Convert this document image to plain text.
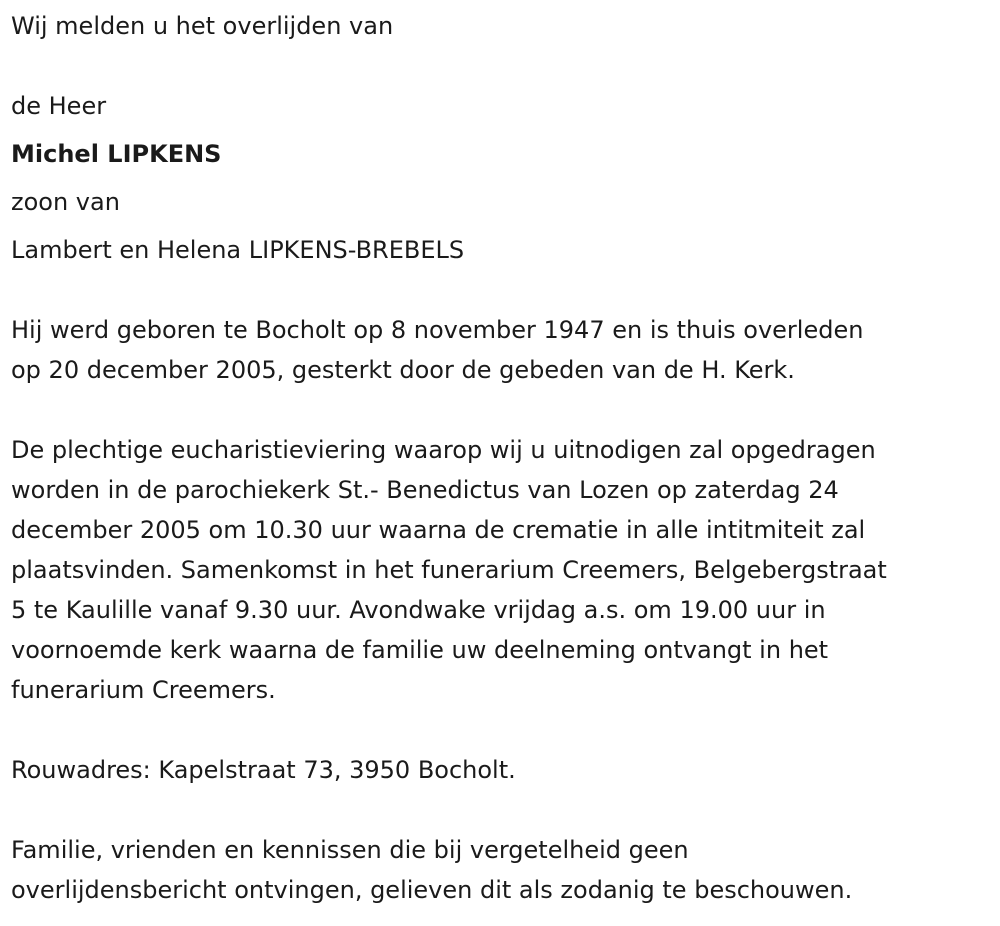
Wij melden u het overlijden van

de Heer

Michel LIPKENS

zoon van

Lambert en Helena LIPKENS-BREBELS

Hij werd geboren te Bocholt op 8 november 1947 en is thuis overleden

op 20 december 2005, gesterkt door de gebeden van de H. Kerk.

De plechtige eucharistieviering waarop wij u uitnodigen zal opgedragen

worden in de parochiekerk St.- Benedictus van Lozen op zaterdag 24

december 2005 om 10.30 uur waarna de crematie in alle intitmiteit zal

plaatsvinden. Samenkomst in het funerarium Creemers, Belgebergstraat

5 te Kaulille vanaf 9.30 uur. Avondwake vrijdag a.s. om 19.00 uur in

voornoemde kerk waarna de familie uw deelneming ontvangt in het

funerarium Creemers.

Rouwadres: Kapelstraat 73, 3950 Bocholt.

Familie, vrienden en kennissen die bij vergetelheid geen

overlijdensbericht ontvingen, gelieven dit als zodanig te beschouwen.
